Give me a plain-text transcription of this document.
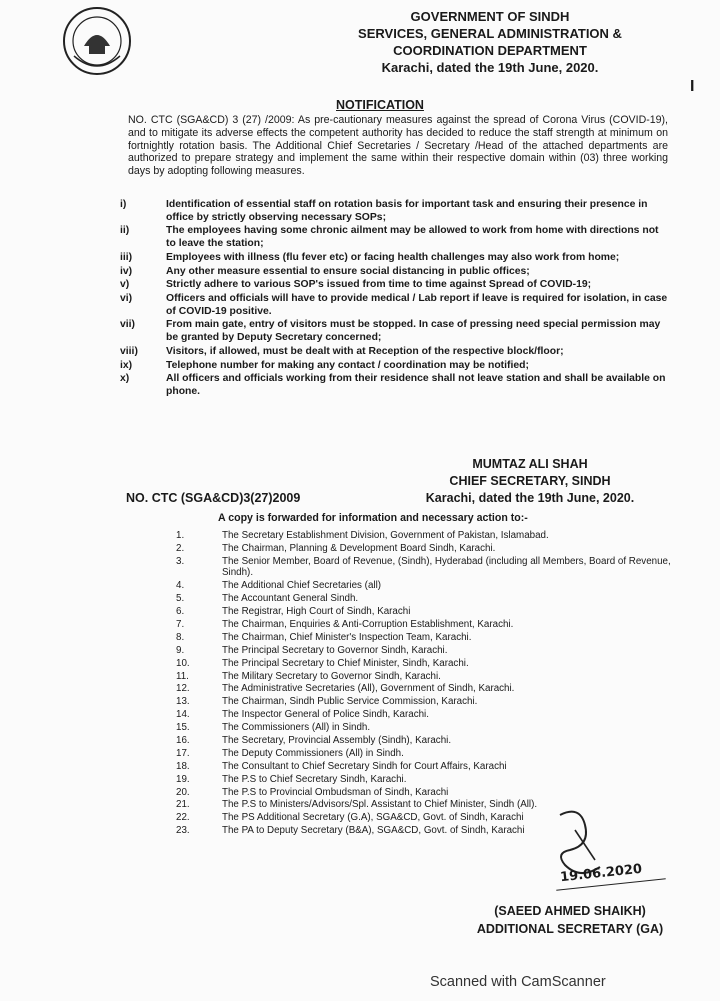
GOVERNMENT OF SINDH
SERVICES, GENERAL ADMINISTRATION &
COORDINATION DEPARTMENT
Karachi, dated the 19th June, 2020.
I
NOTIFICATION
NO. CTC (SGA&CD) 3 (27) /2009: As pre-cautionary measures against the spread of Corona Virus (COVID-19), and to mitigate its adverse effects the competent authority has decided to reduce the staff strength at minimum on fortnightly rotation basis. The Additional Chief Secretaries / Secretary /Head of the attached departments are authorized to prepare strategy and implement the same within their respective domain within (03) three working days by adopting following measures.
i)	Identification of essential staff on rotation basis for important task and ensuring their presence in office by strictly observing necessary SOPs;
ii)	The employees having some chronic ailment may be allowed to work from home with directions not to leave the station;
iii)	Employees with illness (flu fever etc) or facing health challenges may also work from home;
iv)	Any other measure essential to ensure social distancing in public offices;
v)	Strictly adhere to various SOP's issued from time to time against Spread of COVID-19;
vi)	Officers and officials will have to provide medical / Lab report if leave is required for isolation, in case of COVID-19 positive.
vii)	From main gate, entry of visitors must be stopped. In case of pressing need special permission may be granted by Deputy Secretary concerned;
viii)	Visitors, if allowed, must be dealt with at Reception of the respective block/floor;
ix)	Telephone number for making any contact / coordination may be notified;
x)	All officers and officials working from their residence shall not leave station and shall be available on phone.
MUMTAZ ALI SHAH
CHIEF SECRETARY, SINDH
Karachi, dated the 19th June, 2020.
NO. CTC (SGA&CD)3(27)2009
A copy is forwarded for information and necessary action to:-
1.	The Secretary Establishment Division, Government of Pakistan, Islamabad.
2.	The Chairman, Planning & Development Board Sindh, Karachi.
3.	The Senior Member, Board of Revenue, (Sindh), Hyderabad (including all Members, Board of Revenue, Sindh).
4.	The Additional Chief Secretaries (all)
5.	The Accountant General Sindh.
6.	The Registrar, High Court of Sindh, Karachi
7.	The Chairman, Enquiries & Anti-Corruption Establishment, Karachi.
8.	The Chairman, Chief Minister's Inspection Team, Karachi.
9.	The Principal Secretary to Governor Sindh, Karachi.
10.	The Principal Secretary to Chief Minister, Sindh, Karachi.
11.	The Military Secretary to Governor Sindh, Karachi.
12.	The Administrative Secretaries (All), Government of Sindh, Karachi.
13.	The Chairman, Sindh Public Service Commission, Karachi.
14.	The Inspector General of Police Sindh, Karachi.
15.	The Commissioners (All) in Sindh.
16.	The Secretary, Provincial Assembly (Sindh), Karachi.
17.	The Deputy Commissioners (All) in Sindh.
18.	The Consultant to Chief Secretary Sindh for Court Affairs, Karachi
19.	The P.S to Chief Secretary Sindh, Karachi.
20.	The P.S to Provincial Ombudsman of Sindh, Karachi
21.	The P.S to Ministers/Advisors/Spl. Assistant to Chief Minister, Sindh (All).
22.	The PS Additional Secretary (G.A), SGA&CD, Govt. of Sindh, Karachi
23.	The PA to Deputy Secretary (B&A), SGA&CD, Govt. of Sindh, Karachi
19.06.2020
(SAEED AHMED SHAIKH)
ADDITIONAL SECRETARY (GA)
Scanned with CamScanner
